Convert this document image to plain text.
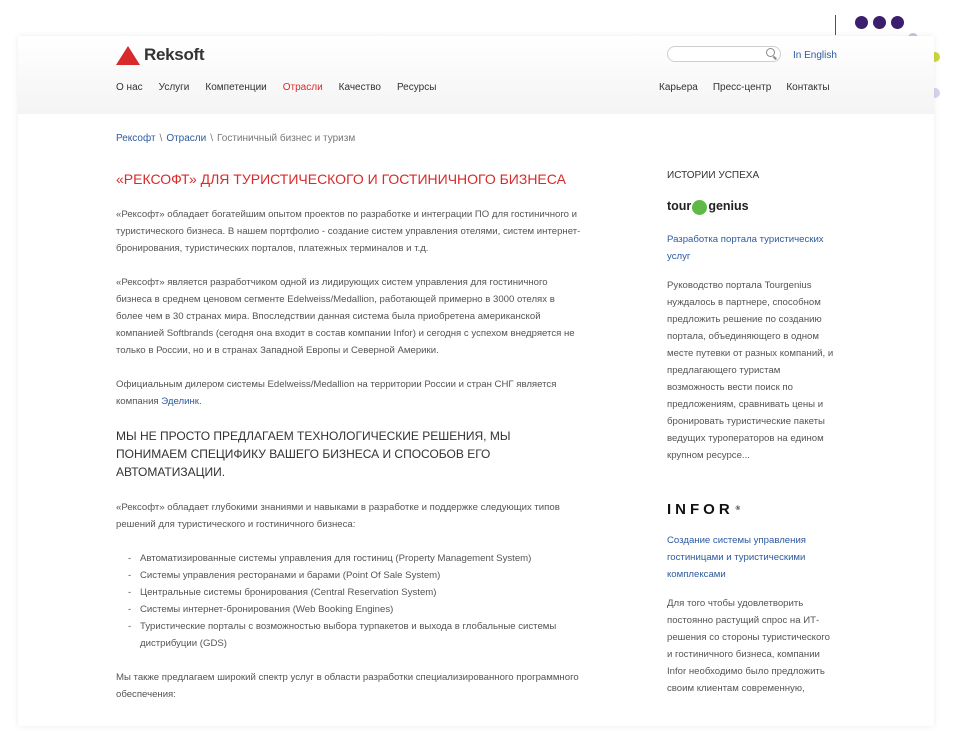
Reksoft	In English
О нас Услуги Компетенции Отрасли Качество Ресурсы	Карьера Пресс-центр Контакты
Рексофт \ Отрасли \ Гостиничный бизнес и туризм
«РЕКСОФТ» ДЛЯ ТУРИСТИЧЕСКОГО И ГОСТИНИЧНОГО БИЗНЕСА

«Рексофт» обладает богатейшим опытом проектов по разработке и интеграции ПО для гостиничного и туристического бизнеса. В нашем портфолио - создание систем управления отелями, систем интернет-бронирования, туристических порталов, платежных терминалов и т.д.

«Рексофт» является разработчиком одной из лидирующих систем управления для гостиничного бизнеса в среднем ценовом сегменте Edelweiss/Medallion, работающей примерно в 3000 отелях в более чем в 30 странах мира. Впоследствии данная система была приобретена американской компанией Softbrands (сегодня она входит в состав компании Infor) и сегодня с успехом внедряется не только в России, но и в странах Западной Европы и Северной Америки.

Официальным дилером системы Edelweiss/Medallion на территории России и стран СНГ является компания Эделинк.

МЫ НЕ ПРОСТО ПРЕДЛАГАЕМ ТЕХНОЛОГИЧЕСКИЕ РЕШЕНИЯ, МЫ ПОНИМАЕМ СПЕЦИФИКУ ВАШЕГО БИЗНЕСА И СПОСОБОВ ЕГО АВТОМАТИЗАЦИИ.

«Рексофт» обладает глубокими знаниями и навыками в разработке и поддержке следующих типов решений для туристического и гостиничного бизнеса:

- Автоматизированные системы управления для гостиниц (Property Management System)
- Системы управления ресторанами и барами (Point Of Sale System)
- Центральные системы бронирования (Central Reservation System)
- Системы интернет-бронирования (Web Booking Engines)
- Туристические порталы с возможностью выбора турпакетов и выхода в глобальные системы дистрибуции (GDS)

Мы также предлагаем широкий спектр услуг в области разработки специализированного программного обеспечения:

ИСТОРИИ УСПЕХА
tour genius
Разработка портала туристических услуг

Руководство портала Tourgenius нуждалось в партнере, способном предложить решение по созданию портала, объединяющего в одном месте путевки от разных компаний, и предлагающего туристам возможность вести поиск по предложениям, сравнивать цены и бронировать туристические пакеты ведущих туроператоров на едином крупном ресурсе...

INFOR ®
Создание системы управления гостиницами и туристическими комплексами

Для того чтобы удовлетворить постоянно растущий спрос на ИТ-решения со стороны туристического и гостиничного бизнеса, компании Infor необходимо было предложить своим клиентам современную,
